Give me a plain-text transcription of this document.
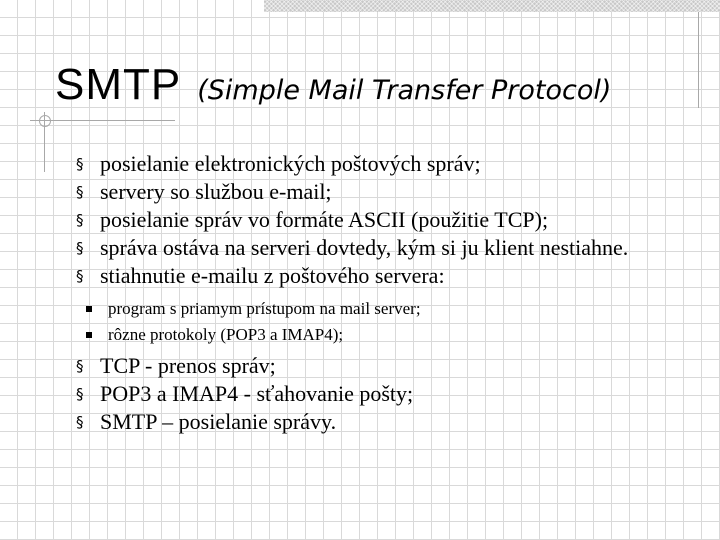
SMTP (Simple Mail Transfer Protocol)
§ posielanie elektronických poštových správ;
§ servery so službou e-mail;
§ posielanie správ vo formáte ASCII (použitie TCP);
§ správa ostáva na serveri dovtedy, kým si ju klient nestiahne.
§ stiahnutie e-mailu z poštového servera:
program s priamym prístupom na mail server;
rôzne protokoly (POP3 a IMAP4);
§ TCP - prenos správ;
§ POP3 a IMAP4 - sťahovanie pošty;
§ SMTP – posielanie správy.
